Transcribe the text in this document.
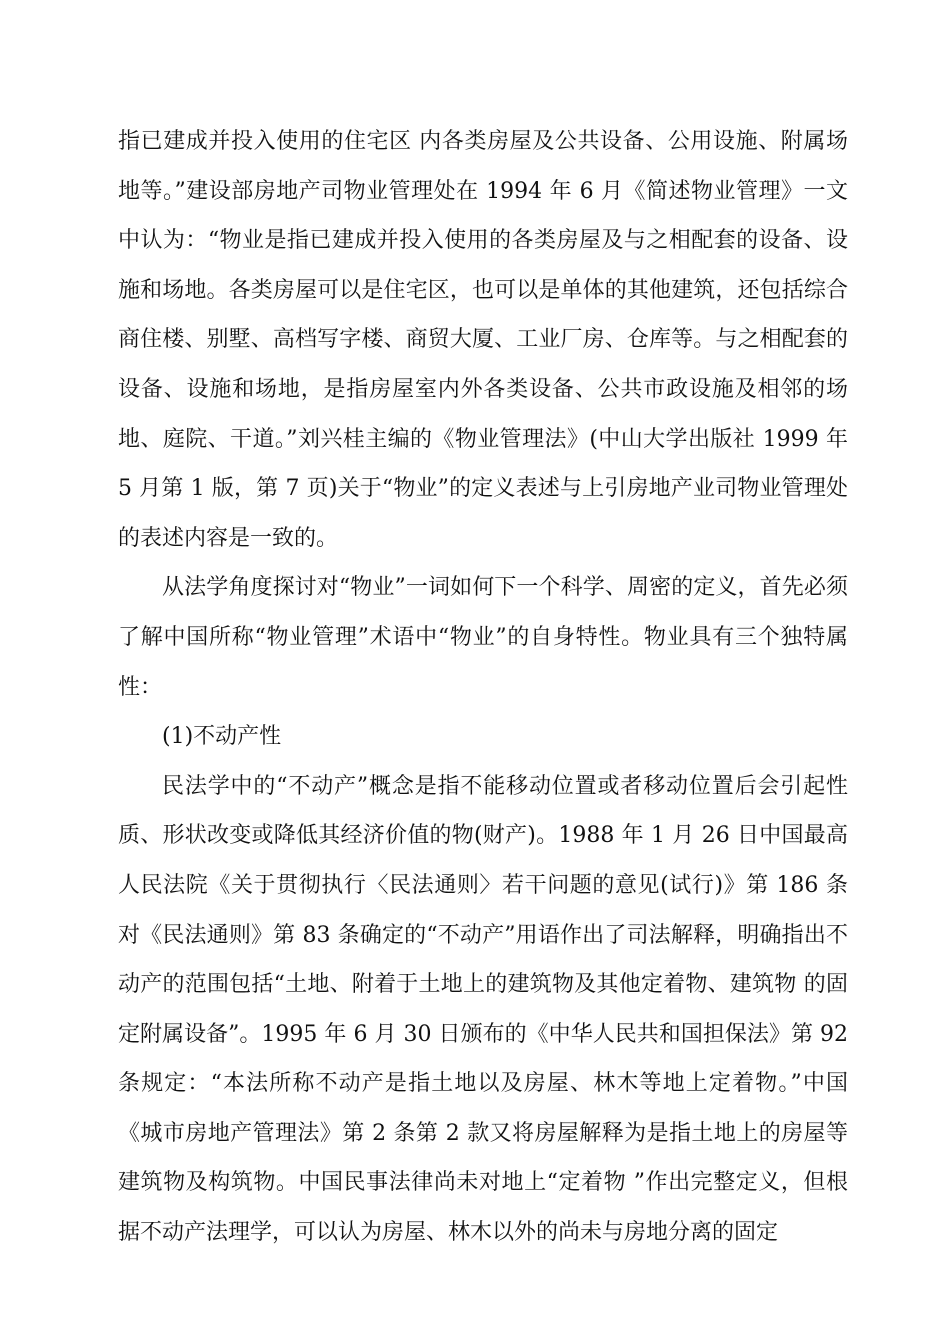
指已建成并投入使用的住宅区 内各类房屋及公共设备、公用设施、附属场地等。”建设部房地产司物业管理处在 1994 年 6 月《简述物业管理》一文中认为：“物业是指已建成并投入使用的各类房屋及与之相配套的设备、设施和场地。各类房屋可以是住宅区，也可以是单体的其他建筑，还包括综合商住楼、别墅、高档写字楼、商贸大厦、工业厂房、仓库等。与之相配套的设备、设施和场地，是指房屋室内外各类设备、公共市政设施及相邻的场地、庭院、干道。”刘兴桂主编的《物业管理法》(中山大学出版社 1999 年 5 月第 1 版，第 7 页)关于“物业”的定义表述与上引房地产业司物业管理处的表述内容是一致的。

从法学角度探讨对“物业”一词如何下一个科学、周密的定义，首先必须了解中国所称“物业管理”术语中“物业”的自身特性。物业具有三个独特属性：

(1)不动产性

民法学中的“不动产”概念是指不能移动位置或者移动位置后会引起性质、形状改变或降低其经济价值的物(财产)。1988 年 1 月 26 日中国最高人民法院《关于贯彻执行〈民法通则〉若干问题的意见(试行)》第 186 条对《民法通则》第 83 条确定的“不动产”用语作出了司法解释，明确指出不动产的范围包括“土地、附着于土地上的建筑物及其他定着物、建筑物 的固定附属设备”。1995 年 6 月 30 日颁布的《中华人民共和国担保法》第 92 条规定：“本法所称不动产是指土地以及房屋、林木等地上定着物。”中国《城市房地产管理法》第 2 条第 2 款又将房屋解释为是指土地上的房屋等建筑物及构筑物。中国民事法律尚未对地上“定着物 ”作出完整定义，但根据不动产法理学，可以认为房屋、林木以外的尚未与房地分离的固定
